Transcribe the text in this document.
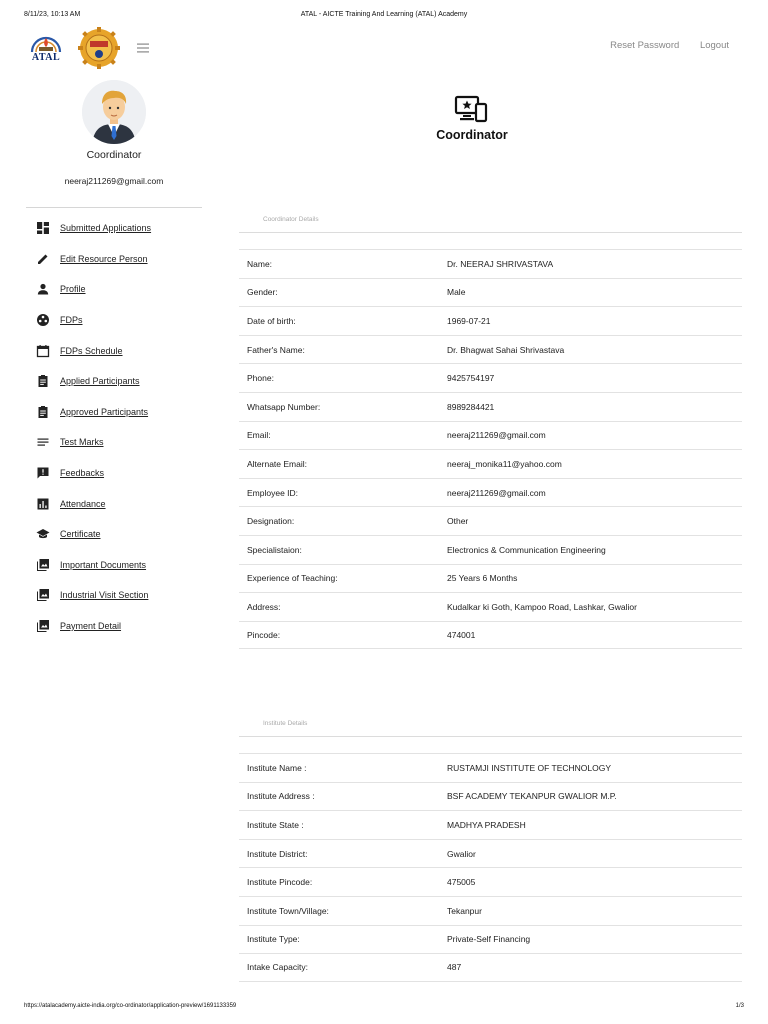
8/11/23, 10:13 AM	ATAL - AICTE Training And Learning (ATAL) Academy
ATAL
Reset Password Logout
Coordinator
neeraj211269@gmail.com
Submitted Applications
Edit Resource Person
Profile
FDPs
FDPs Schedule
Applied Participants
Approved Participants
Test Marks
Feedbacks
Attendance
Certificate
Important Documents
Industrial Visit Section
Payment Detail
Coordinator
Coordinator Details
Name:	Dr. NEERAJ SHRIVASTAVA
Gender:	Male
Date of birth:	1969-07-21
Father's Name:	Dr. Bhagwat Sahai Shrivastava
Phone:	9425754197
Whatsapp Number:	8989284421
Email:	neeraj211269@gmail.com
Alternate Email:	neeraj_monika11@yahoo.com
Employee ID:	neeraj211269@gmail.com
Designation:	Other
Specialistaion:	Electronics & Communication Engineering
Experience of Teaching:	25 Years 6 Months
Address:	Kudalkar ki Goth, Kampoo Road, Lashkar, Gwalior
Pincode:	474001
Institute Details
Institute Name :	RUSTAMJI INSTITUTE OF TECHNOLOGY
Institute Address :	BSF ACADEMY TEKANPUR GWALIOR M.P.
Institute State :	MADHYA PRADESH
Institute District:	Gwalior
Institute Pincode:	475005
Institute Town/Village:	Tekanpur
Institute Type:	Private-Self Financing
Intake Capacity:	487
https://atalacademy.aicte-india.org/co-ordinator/application-preview/1691133359	1/3
